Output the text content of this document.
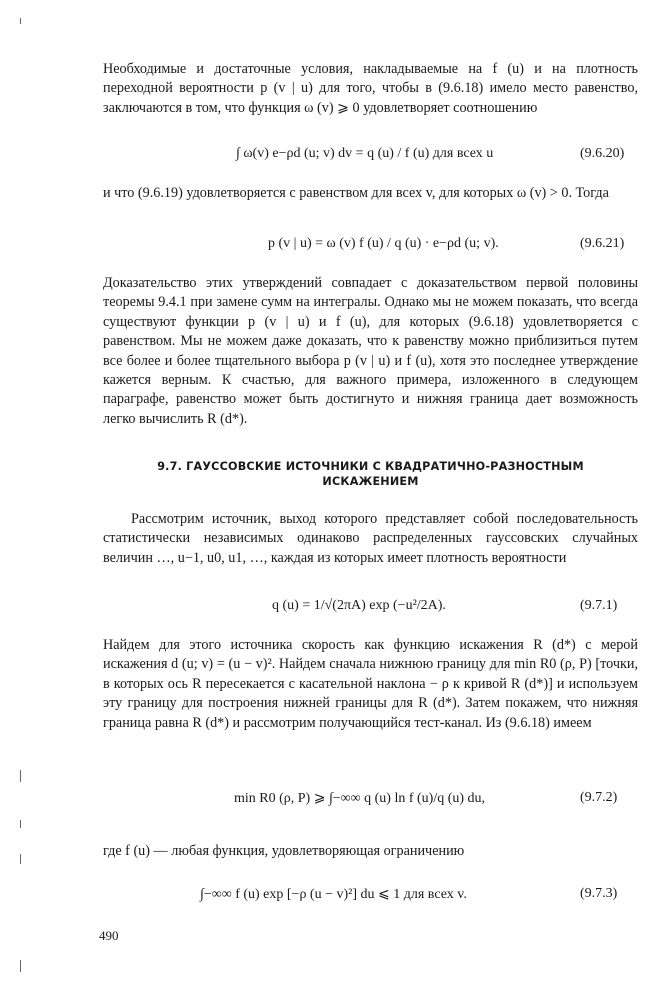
Необходимые и достаточные условия, накладываемые на f (u) и на плотность переходной вероятности p (v | u) для того, чтобы в (9.6.18) имело место равенство, заключаются в том, что функция ω (v) ⩾ 0 удовлетворяет соотношению
∫ ω(v) e−ρd (u; v) dv = q (u) / f (u) для всех u	(9.6.20)
и что (9.6.19) удовлетворяется с равенством для всех v, для которых ω (v) > 0. Тогда
p (v | u) = ω (v) f (u) / q (u) · e−ρd (u; v).	(9.6.21)
Доказательство этих утверждений совпадает с доказательством первой половины теоремы 9.4.1 при замене сумм на интегралы. Однако мы не можем показать, что всегда существуют функции p (v | u) и f (u), для которых (9.6.18) удовлетворяется с равенством. Мы не можем даже доказать, что к равенству можно приблизиться путем все более и более тщательного выбора p (v | u) и f (u), хотя это последнее утверждение кажется верным. К счастью, для важного примера, изложенного в следующем параграфе, равенство может быть достигнуто и нижняя граница дает возможность легко вычислить R (d*).
9.7. ГАУССОВСКИЕ ИСТОЧНИКИ С КВАДРАТИЧНО-РАЗНОСТНЫМ
ИСКАЖЕНИЕМ
Рассмотрим источник, выход которого представляет собой последовательность статистически независимых одинаково распределенных гауссовских случайных величин …, u−1, u0, u1, …, каждая из которых имеет плотность вероятности
q (u) = 1/√(2πA) exp (−u²/2A).	(9.7.1)
Найдем для этого источника скорость как функцию искажения R (d*) с мерой искажения d (u; v) = (u − v)². Найдем сначала нижнюю границу для min R0 (ρ, P) [точки, в которых ось R пересекается с касательной наклона − ρ к кривой R (d*)] и используем эту границу для построения нижней границы для R (d*). Затем покажем, что нижняя граница равна R (d*) и рассмотрим получающийся тест-канал. Из (9.6.18) имеем
min R0 (ρ, P) ⩾ ∫−∞∞ q (u) ln f (u)/q (u) du,	(9.7.2)
где f (u) — любая функция, удовлетворяющая ограничению
∫−∞∞ f (u) exp [−ρ (u − v)²] du ⩽ 1 для всех v.	(9.7.3)
490
